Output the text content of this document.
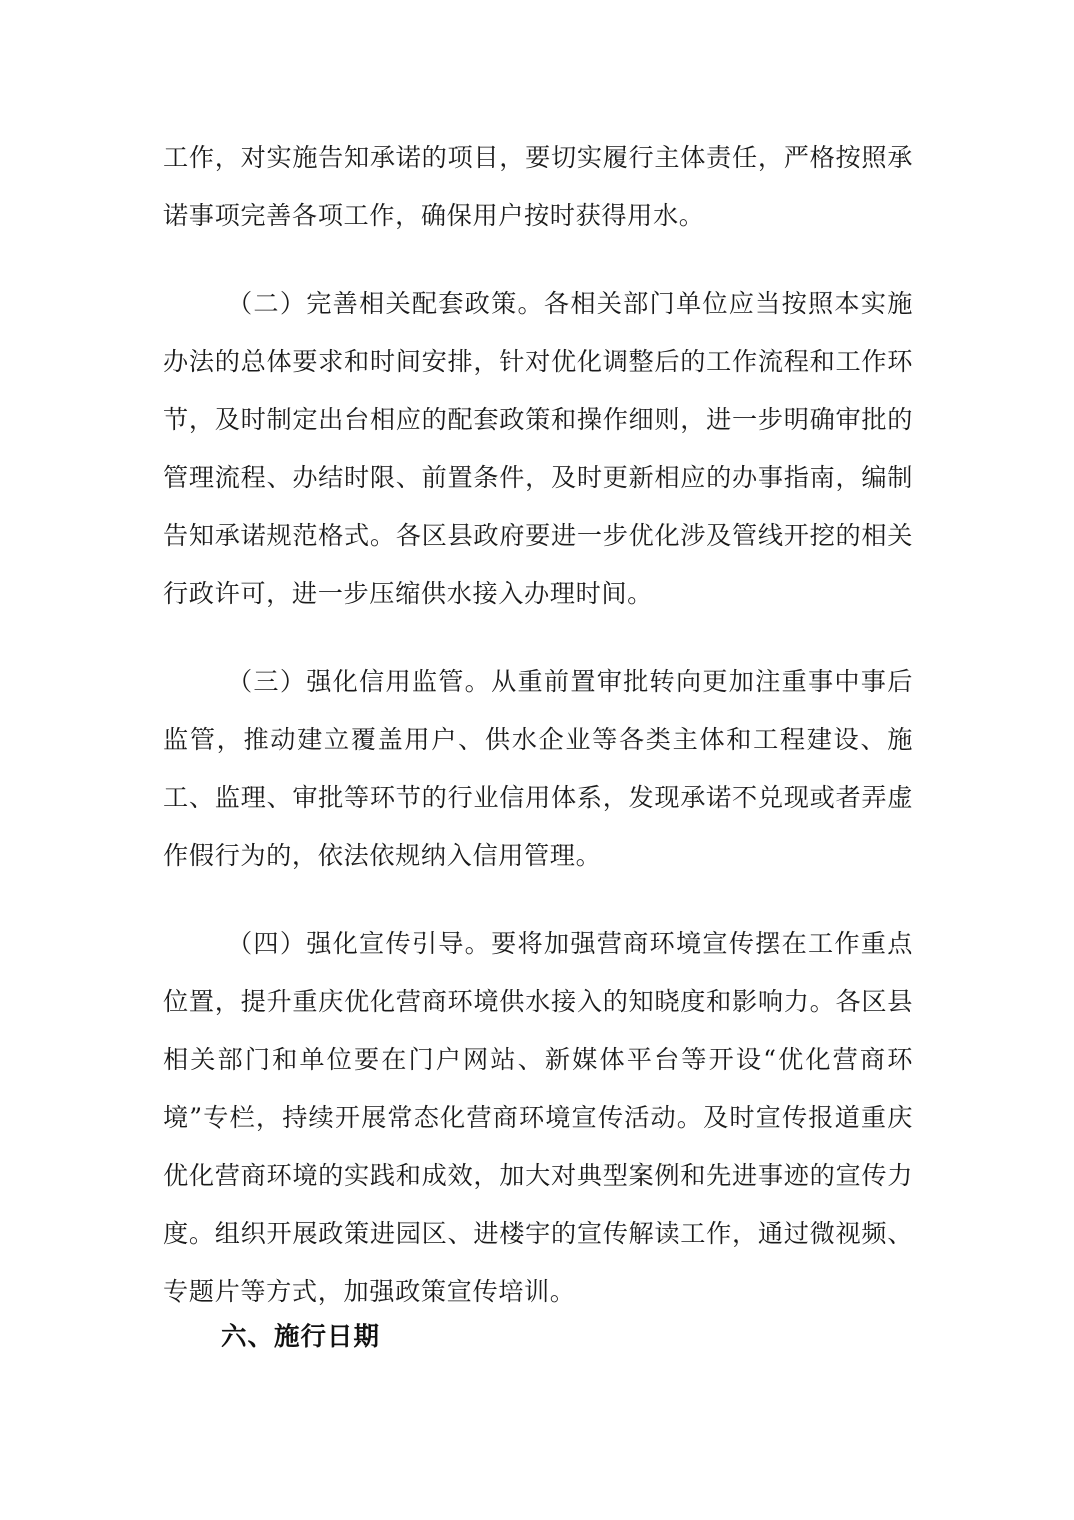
工作，对实施告知承诺的项目，要切实履行主体责任，严格按照承诺事项完善各项工作，确保用户按时获得用水。

（二）完善相关配套政策。各相关部门单位应当按照本实施办法的总体要求和时间安排，针对优化调整后的工作流程和工作环节，及时制定出台相应的配套政策和操作细则，进一步明确审批的管理流程、办结时限、前置条件，及时更新相应的办事指南，编制告知承诺规范格式。各区县政府要进一步优化涉及管线开挖的相关行政许可，进一步压缩供水接入办理时间。

（三）强化信用监管。从重前置审批转向更加注重事中事后监管，推动建立覆盖用户、供水企业等各类主体和工程建设、施工、监理、审批等环节的行业信用体系，发现承诺不兑现或者弄虚作假行为的，依法依规纳入信用管理。

（四）强化宣传引导。要将加强营商环境宣传摆在工作重点位置，提升重庆优化营商环境供水接入的知晓度和影响力。各区县相关部门和单位要在门户网站、新媒体平台等开设“优化营商环境”专栏，持续开展常态化营商环境宣传活动。及时宣传报道重庆优化营商环境的实践和成效，加大对典型案例和先进事迹的宣传力度。组织开展政策进园区、进楼宇的宣传解读工作，通过微视频、专题片等方式，加强政策宣传培训。

六、施行日期
